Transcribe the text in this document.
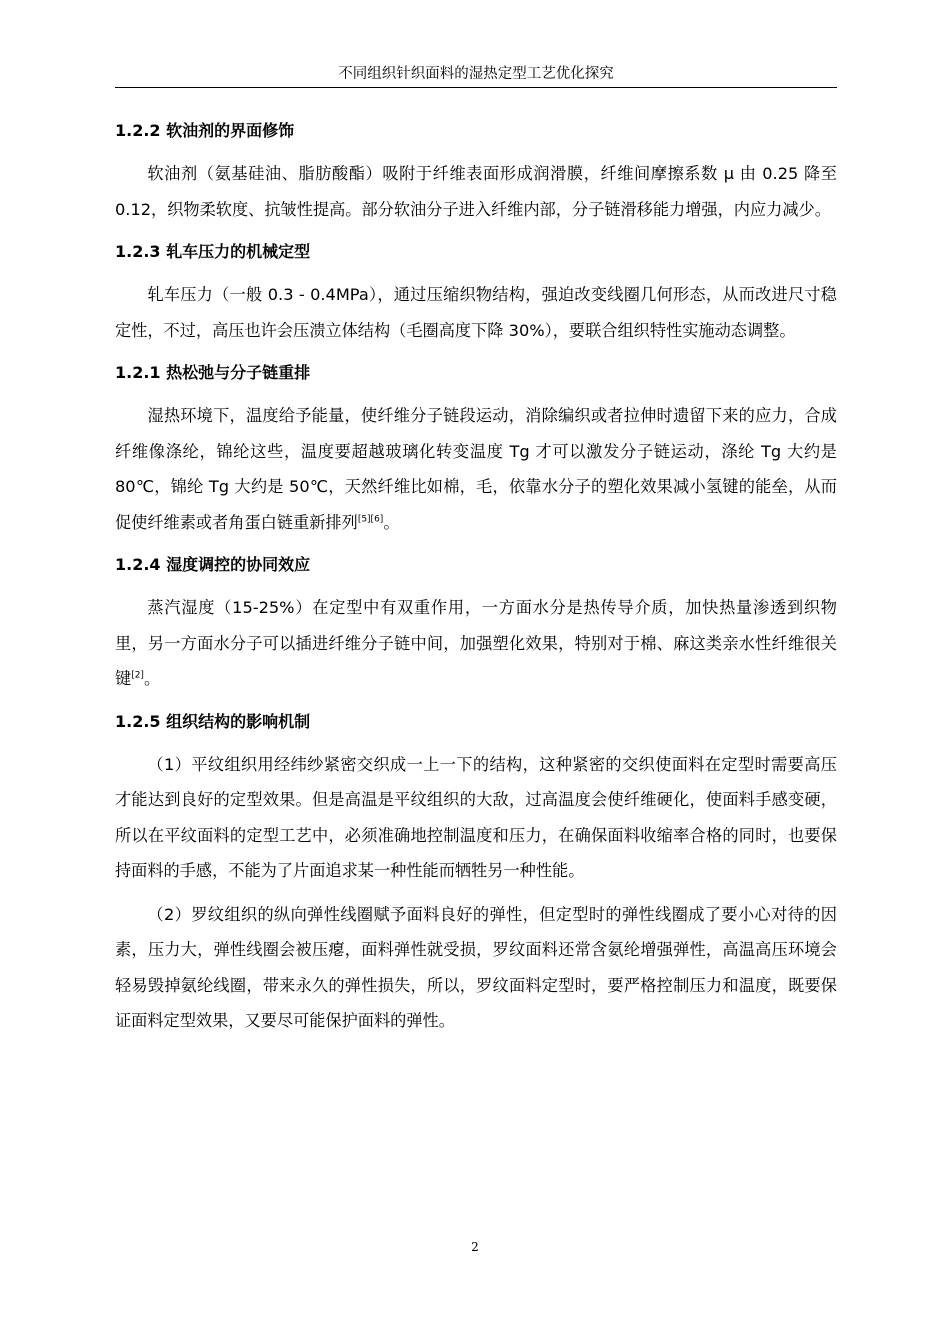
不同组织针织面料的湿热定型工艺优化探究
1.2.2 软油剂的界面修饰

软油剂（氨基硅油、脂肪酸酯）吸附于纤维表面形成润滑膜，纤维间摩擦系数 μ 由 0.25 降至 0.12，织物柔软度、抗皱性提高。部分软油分子进入纤维内部，分子链滑移能力增强，内应力减少。

1.2.3 轧车压力的机械定型

轧车压力（一般 0.3 - 0.4MPa），通过压缩织物结构，强迫改变线圈几何形态，从而改进尺寸稳定性，不过，高压也许会压溃立体结构（毛圈高度下降 30%），要联合组织特性实施动态调整。

1.2.1 热松弛与分子链重排

湿热环境下，温度给予能量，使纤维分子链段运动，消除编织或者拉伸时遗留下来的应力，合成纤维像涤纶，锦纶这些，温度要超越玻璃化转变温度 Tg 才可以激发分子链运动，涤纶 Tg 大约是 80℃，锦纶 Tg 大约是 50℃，天然纤维比如棉，毛，依靠水分子的塑化效果减小氢键的能垒，从而促使纤维素或者角蛋白链重新排列[5][6]。

1.2.4 湿度调控的协同效应

蒸汽湿度（15-25%）在定型中有双重作用，一方面水分是热传导介质，加快热量渗透到织物里，另一方面水分子可以插进纤维分子链中间，加强塑化效果，特别对于棉、麻这类亲水性纤维很关键[2]。

1.2.5 组织结构的影响机制

（1）平纹组织用经纬纱紧密交织成一上一下的结构，这种紧密的交织使面料在定型时需要高压才能达到良好的定型效果。但是高温是平纹组织的大敌，过高温度会使纤维硬化，使面料手感变硬，所以在平纹面料的定型工艺中，必须准确地控制温度和压力，在确保面料收缩率合格的同时，也要保持面料的手感，不能为了片面追求某一种性能而牺牲另一种性能。

（2）罗纹组织的纵向弹性线圈赋予面料良好的弹性，但定型时的弹性线圈成了要小心对待的因素，压力大，弹性线圈会被压瘪，面料弹性就受损，罗纹面料还常含氨纶增强弹性，高温高压环境会轻易毁掉氨纶线圈，带来永久的弹性损失，所以，罗纹面料定型时，要严格控制压力和温度，既要保证面料定型效果，又要尽可能保护面料的弹性。

2
